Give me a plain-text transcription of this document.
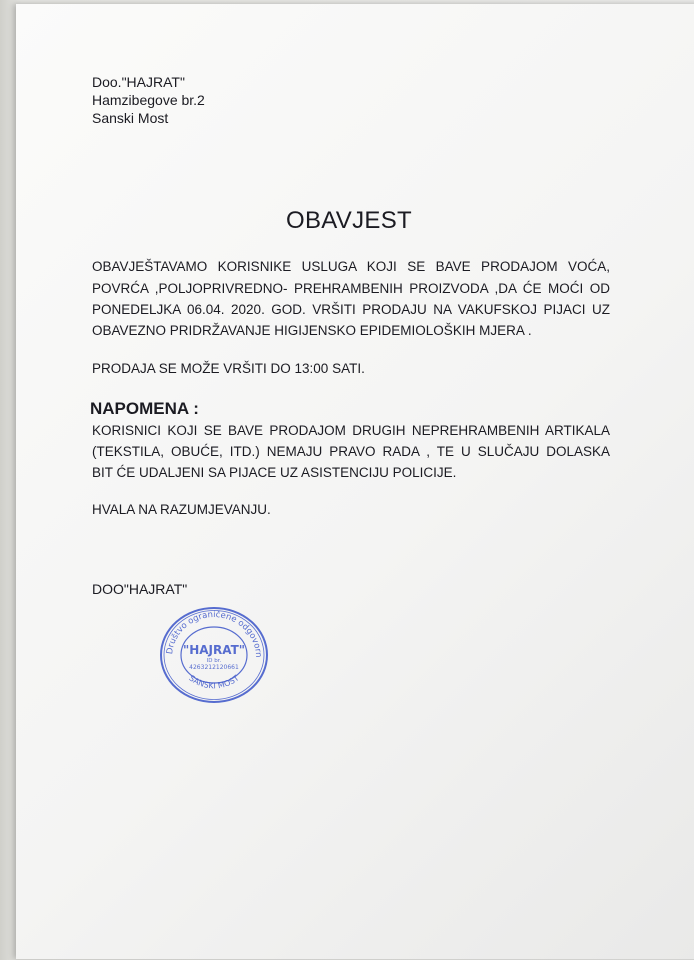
Doo."HAJRAT"
Hamzibegove br.2
Sanski Most
OBAVJEST
OBAVJEŠTAVAMO KORISNIKE USLUGA KOJI SE BAVE PRODAJOM VOĆA,
POVRĆA ,POLJOPRIVREDNO- PREHRAMBENIH PROIZVODA ,DA ĆE MOĆI OD
PONEDELJKA 06.04. 2020. GOD. VRŠITI PRODAJU NA VAKUFSKOJ PIJACI UZ
OBAVEZNO PRIDRŽAVANJE HIGIJENSKO EPIDEMIOLOŠKIH MJERA .
PRODAJA SE MOŽE VRŠITI DO 13:00 SATI.
NAPOMENA :
KORISNICI KOJI SE BAVE PRODAJOM DRUGIH NEPREHRAMBENIH ARTIKALA
(TEKSTILA, OBUĆE, ITD.) NEMAJU PRAVO RADA , TE U SLUČAJU DOLASKA
BIT ĆE UDALJENI SA PIJACE UZ ASISTENCIJU POLICIJE.
HVALA NA RAZUMJEVANJU.
DOO"HAJRAT"
Društvo ograničene odgovorn
"HAJRAT"
ID br.
4263212120661
SANSKI MOST
